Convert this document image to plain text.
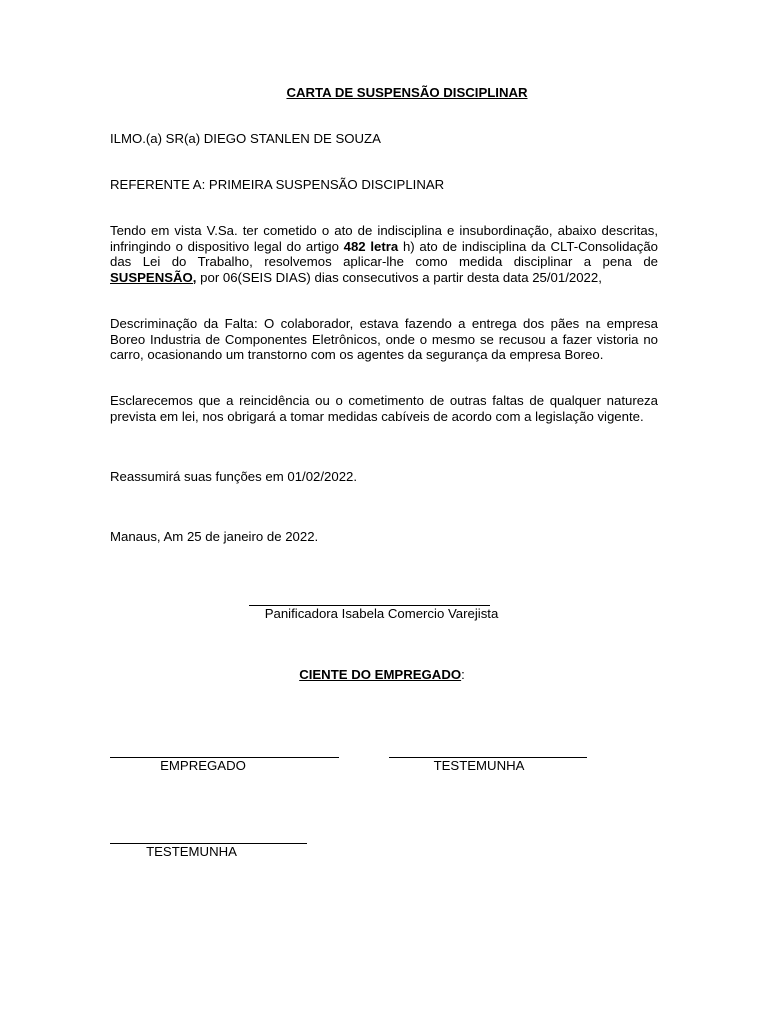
CARTA DE SUSPENSÃO DISCIPLINAR
ILMO.(a) SR(a) DIEGO STANLEN DE SOUZA
REFERENTE A: PRIMEIRA SUSPENSÃO DISCIPLINAR
Tendo em vista V.Sa. ter cometido o ato de indisciplina e insubordinação, abaixo descritas, infringindo o dispositivo legal do artigo 482 letra h) ato de indisciplina da CLT-Consolidação das Lei do Trabalho, resolvemos aplicar-lhe como medida disciplinar a pena de SUSPENSÃO, por 06(SEIS DIAS) dias consecutivos a partir desta data 25/01/2022,
Descriminação da Falta: O colaborador, estava fazendo a entrega dos pães na empresa Boreo Industria de Componentes Eletrônicos, onde o mesmo se recusou a fazer vistoria no carro, ocasionando um transtorno com os agentes da segurança da empresa Boreo.
Esclarecemos que a reincidência ou o cometimento de outras faltas de qualquer natureza prevista em lei, nos obrigará a tomar medidas cabíveis de acordo com a legislação vigente.
Reassumirá suas funções em 01/02/2022.
Manaus, Am 25 de janeiro de 2022.
Panificadora Isabela Comercio Varejista
CIENTE DO EMPREGADO:
EMPREGADO	TESTEMUNHA
TESTEMUNHA
